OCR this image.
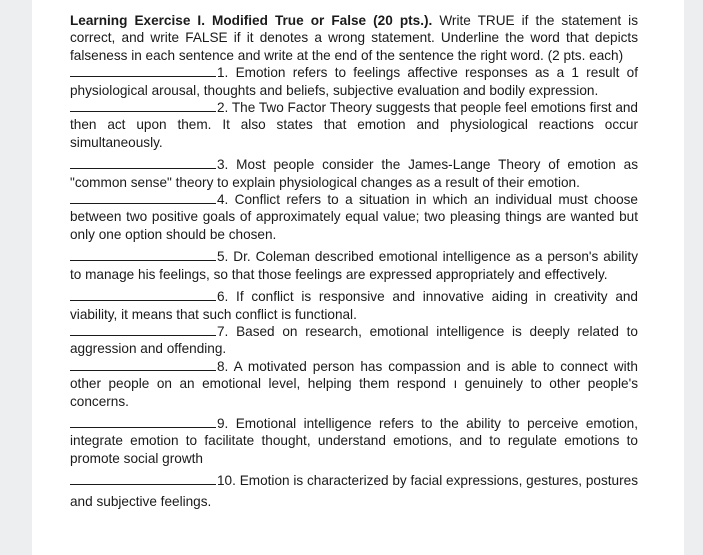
Learning Exercise I. Modified True or False (20 pts.). Write TRUE if the statement is correct, and write FALSE if it denotes a wrong statement. Underline the word that depicts falseness in each sentence and write at the end of the sentence the right word. (2 pts. each)

1. Emotion refers to feelings affective responses as a 1 result of physiological arousal, thoughts and beliefs, subjective evaluation and bodily expression.

2. The Two Factor Theory suggests that people feel emotions first and then act upon them. It also states that emotion and physiological reactions occur simultaneously.

3. Most people consider the James-Lange Theory of emotion as "common sense" theory to explain physiological changes as a result of their emotion.

4. Conflict refers to a situation in which an individual must choose between two positive goals of approximately equal value; two pleasing things are wanted but only one option should be chosen.

5. Dr. Coleman described emotional intelligence as a person's ability to manage his feelings, so that those feelings are expressed appropriately and effectively.

6. If conflict is responsive and innovative aiding in creativity and viability, it means that such conflict is functional.

7. Based on research, emotional intelligence is deeply related to aggression and offending.

8. A motivated person has compassion and is able to connect with other people on an emotional level, helping them respond ı genuinely to other people's concerns.

9. Emotional intelligence refers to the ability to perceive emotion, integrate emotion to facilitate thought, understand emotions, and to regulate emotions to promote social growth

10. Emotion is characterized by facial expressions, gestures, postures and subjective feelings.
